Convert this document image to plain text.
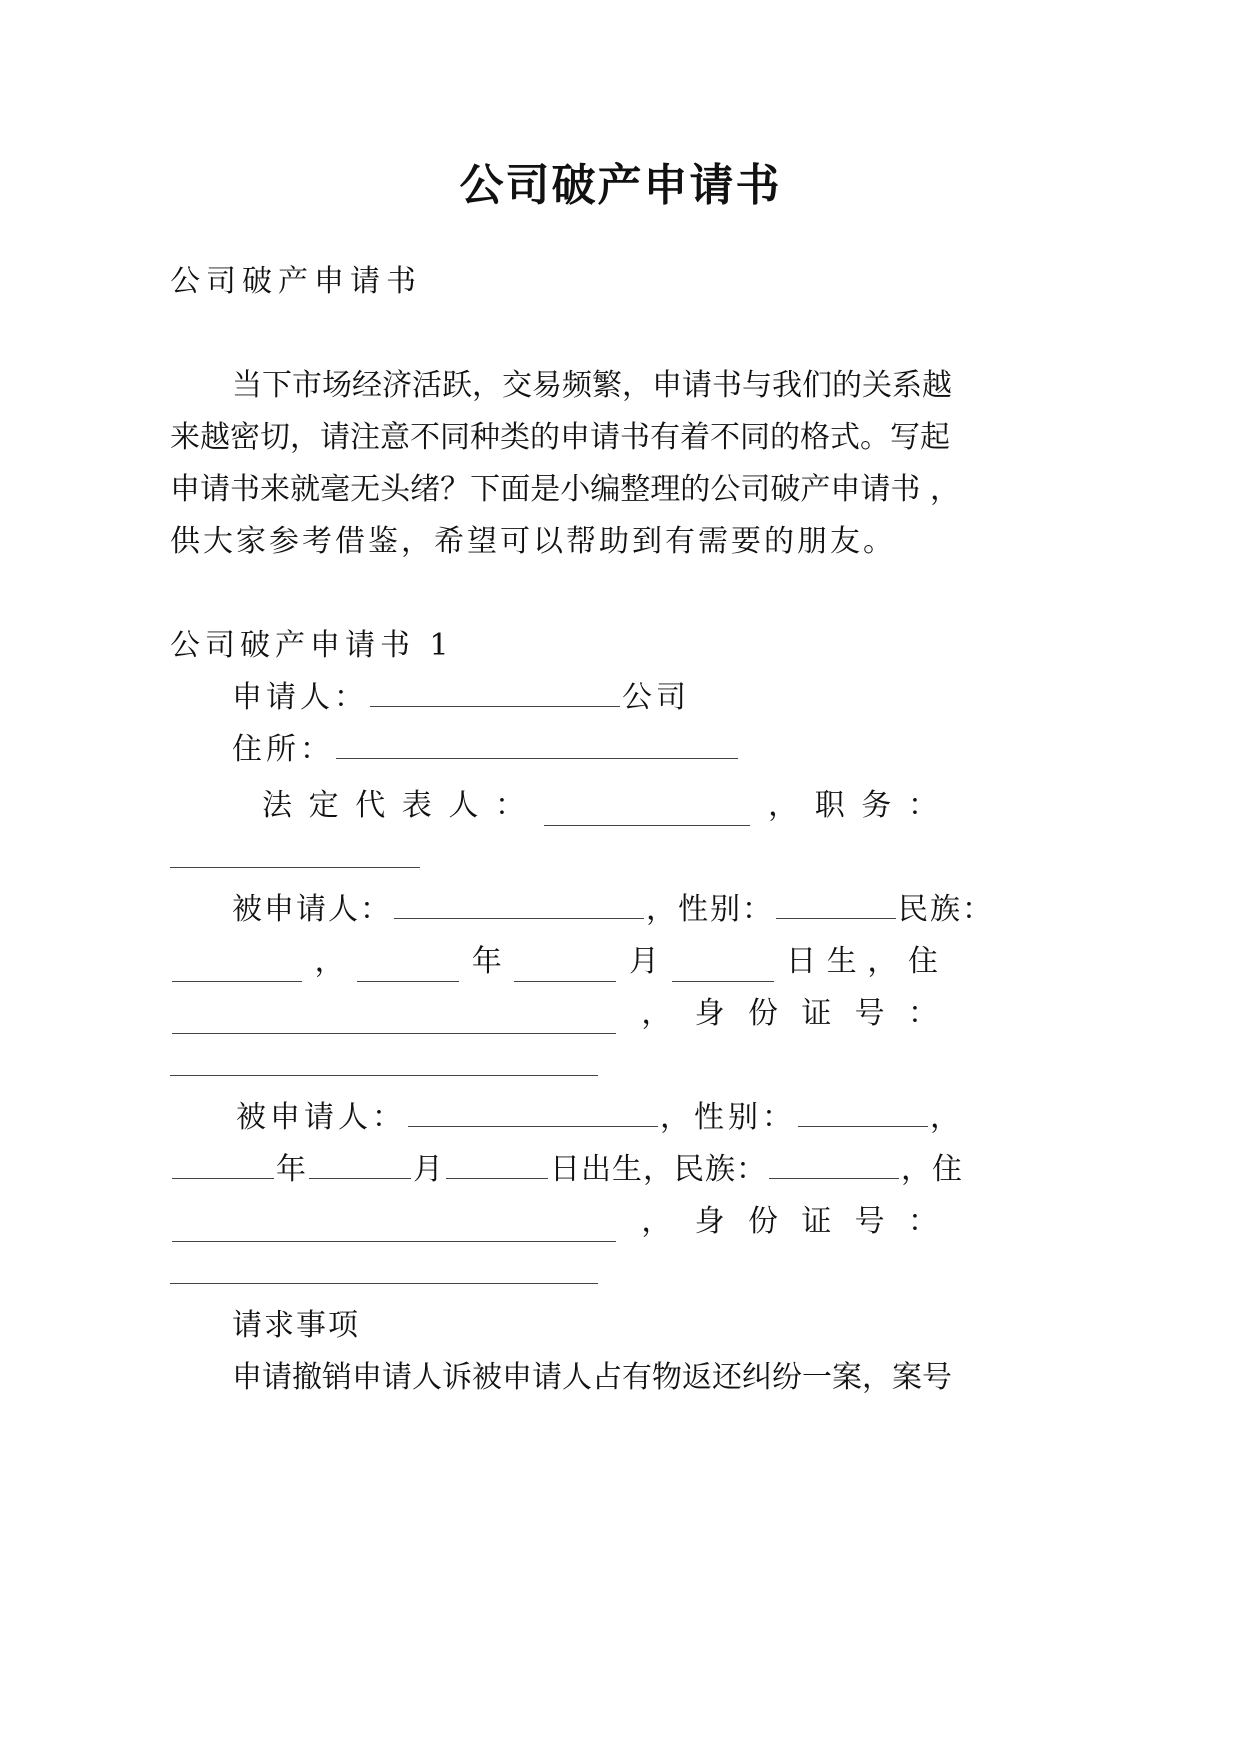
公司破产申请书
公司破产申请书
当下市场经济活跃，交易频繁，申请书与我们的关系越
来越密切，请注意不同种类的申请书有着不同的格式。写起
申请书来就毫无头绪？下面是小编整理的公司破产申请书 ，
供大家参考借鉴，希望可以帮助到有需要的朋友。
公司破产申请书 1
申请人：	公司
住所：
法 定 代 表 人 ：	， 职 务 ：
被申请人：	，性别：	民族：
，	年	月	日 生 ， 住
， 身 份 证 号 ：
被申请人：	，性别：	，
年	月	日出生，民族：	，住
， 身 份 证 号 ：
请求事项
申请撤销申请人诉被申请人占有物返还纠纷一案，案号
